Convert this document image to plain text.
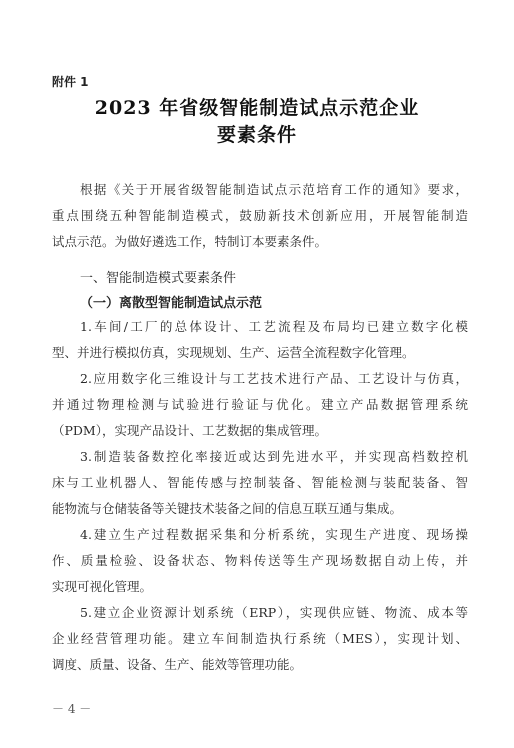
附件 1
2023 年省级智能制造试点示范企业
要素条件
根据《关于开展省级智能制造试点示范培育工作的通知》要求，
重点围绕五种智能制造模式，鼓励新技术创新应用，开展智能制造
试点示范。为做好遴选工作，特制订本要素条件。
一、智能制造模式要素条件
（一）离散型智能制造试点示范
1.车间/工厂的总体设计、工艺流程及布局均已建立数字化模
型、并进行模拟仿真，实现规划、生产、运营全流程数字化管理。
2.应用数字化三维设计与工艺技术进行产品、工艺设计与仿真，
并通过物理检测与试验进行验证与优化。建立产品数据管理系统
（PDM），实现产品设计、工艺数据的集成管理。
3.制造装备数控化率接近或达到先进水平，并实现高档数控机
床与工业机器人、智能传感与控制装备、智能检测与装配装备、智
能物流与仓储装备等关键技术装备之间的信息互联互通与集成。
4.建立生产过程数据采集和分析系统，实现生产进度、现场操
作、质量检验、设备状态、物料传送等生产现场数据自动上传，并
实现可视化管理。
5.建立企业资源计划系统（ERP），实现供应链、物流、成本等
企业经营管理功能。建立车间制造执行系统（MES），实现计划、
调度、质量、设备、生产、能效等管理功能。
－ 4 －
